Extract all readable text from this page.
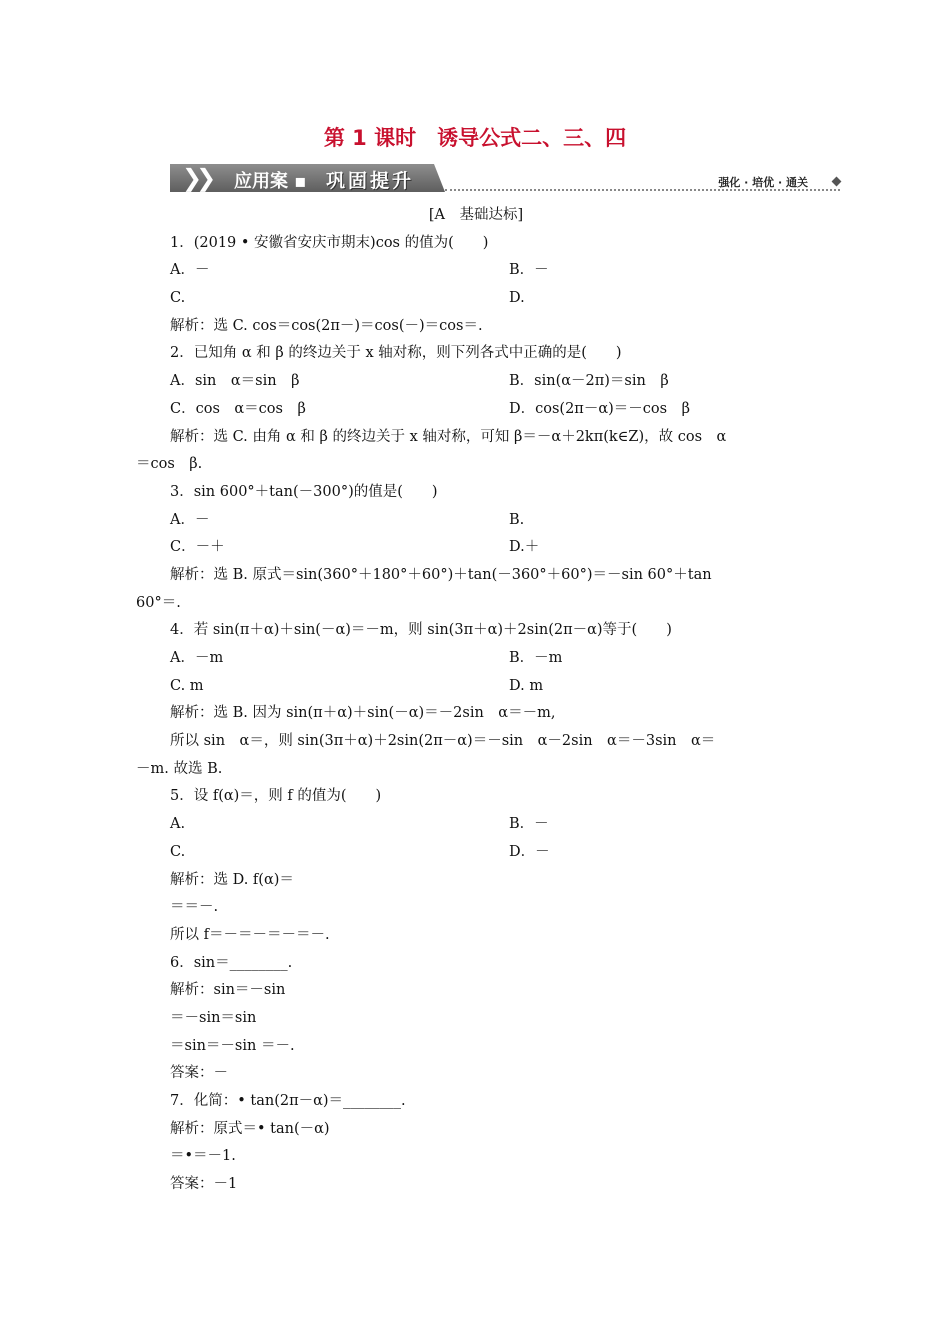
第 1 课时　诱导公式二、三、四
❯❯ 应用案 ▪ 巩固提升	强化 · 培优 · 通关
[A　基础达标]
1．(2019 • 安徽省安庆市期末)cos 的值为(　　)
A．－	B．－
C.	D.
解析：选 C. cos＝cos(2π－)＝cos(－)＝cos＝.
2．已知角 α 和 β 的终边关于 x 轴对称，则下列各式中正确的是(　　)
A．sin　α＝sin　β	B．sin(α－2π)＝sin　β
C．cos　α＝cos　β	D．cos(2π－α)＝－cos　β
解析：选 C. 由角 α 和 β 的终边关于 x 轴对称，可知 β＝－α＋2kπ(k∈Z)，故 cos　α
＝cos　β.
3．sin 600°＋tan(－300°)的值是(　　)
A．－	B.
C．－＋	D.＋
解析：选 B. 原式＝sin(360°＋180°＋60°)＋tan(－360°＋60°)＝－sin 60°＋tan
60°＝.
4．若 sin(π＋α)＋sin(－α)＝－m，则 sin(3π＋α)＋2sin(2π－α)等于(　　)
A．－m	B．－m
C. m	D. m
解析：选 B. 因为 sin(π＋α)＋sin(－α)＝－2sin　α＝－m,
所以 sin　α＝，则 sin(3π＋α)＋2sin(2π－α)＝－sin　α－2sin　α＝－3sin　α＝
－m. 故选 B.
5．设 f(α)＝，则 f 的值为(　　)
A.	B．－
C.	D．－
解析：选 D. f(α)＝
＝＝－.
所以 f＝－＝－＝－＝－.
6．sin＝________.
解析：sin＝－sin
＝－sin＝sin
＝sin＝－sin ＝－.
答案：－
7．化简：• tan(2π－α)＝________.
解析：原式＝• tan(－α)
＝•＝－1.
答案：－1
